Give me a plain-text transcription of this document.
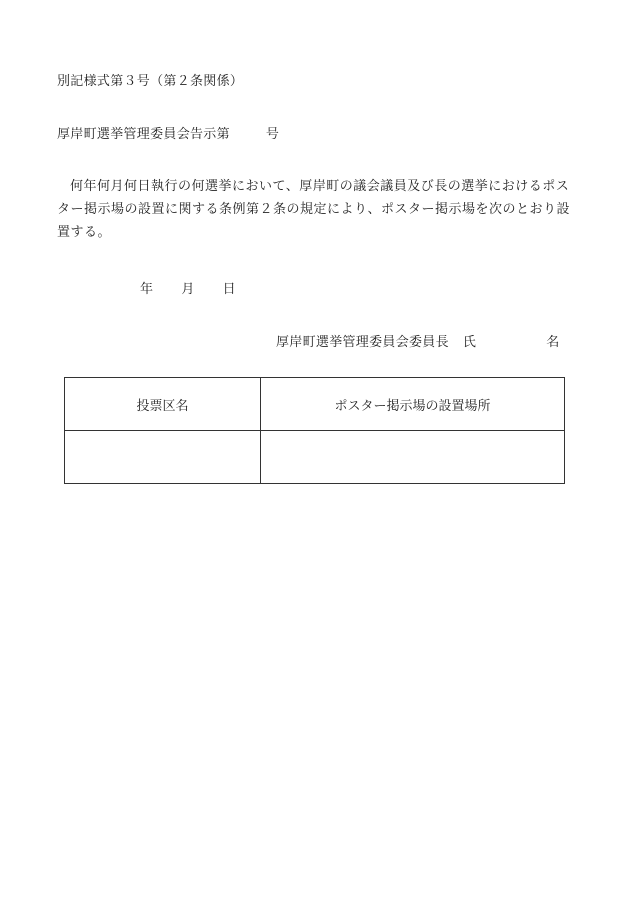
別記様式第３号（第２条関係）
厚岸町選挙管理委員会告示第	号
何年何月何日執行の何選挙において、厚岸町の議会議員及び長の選挙におけるポスター掲示場の設置に関する条例第２条の規定により、ポスター掲示場を次のとおり設置する。
年 月 日
厚岸町選挙管理委員会委員長 氏	名
投票区名	ポスター掲示場の設置場所
